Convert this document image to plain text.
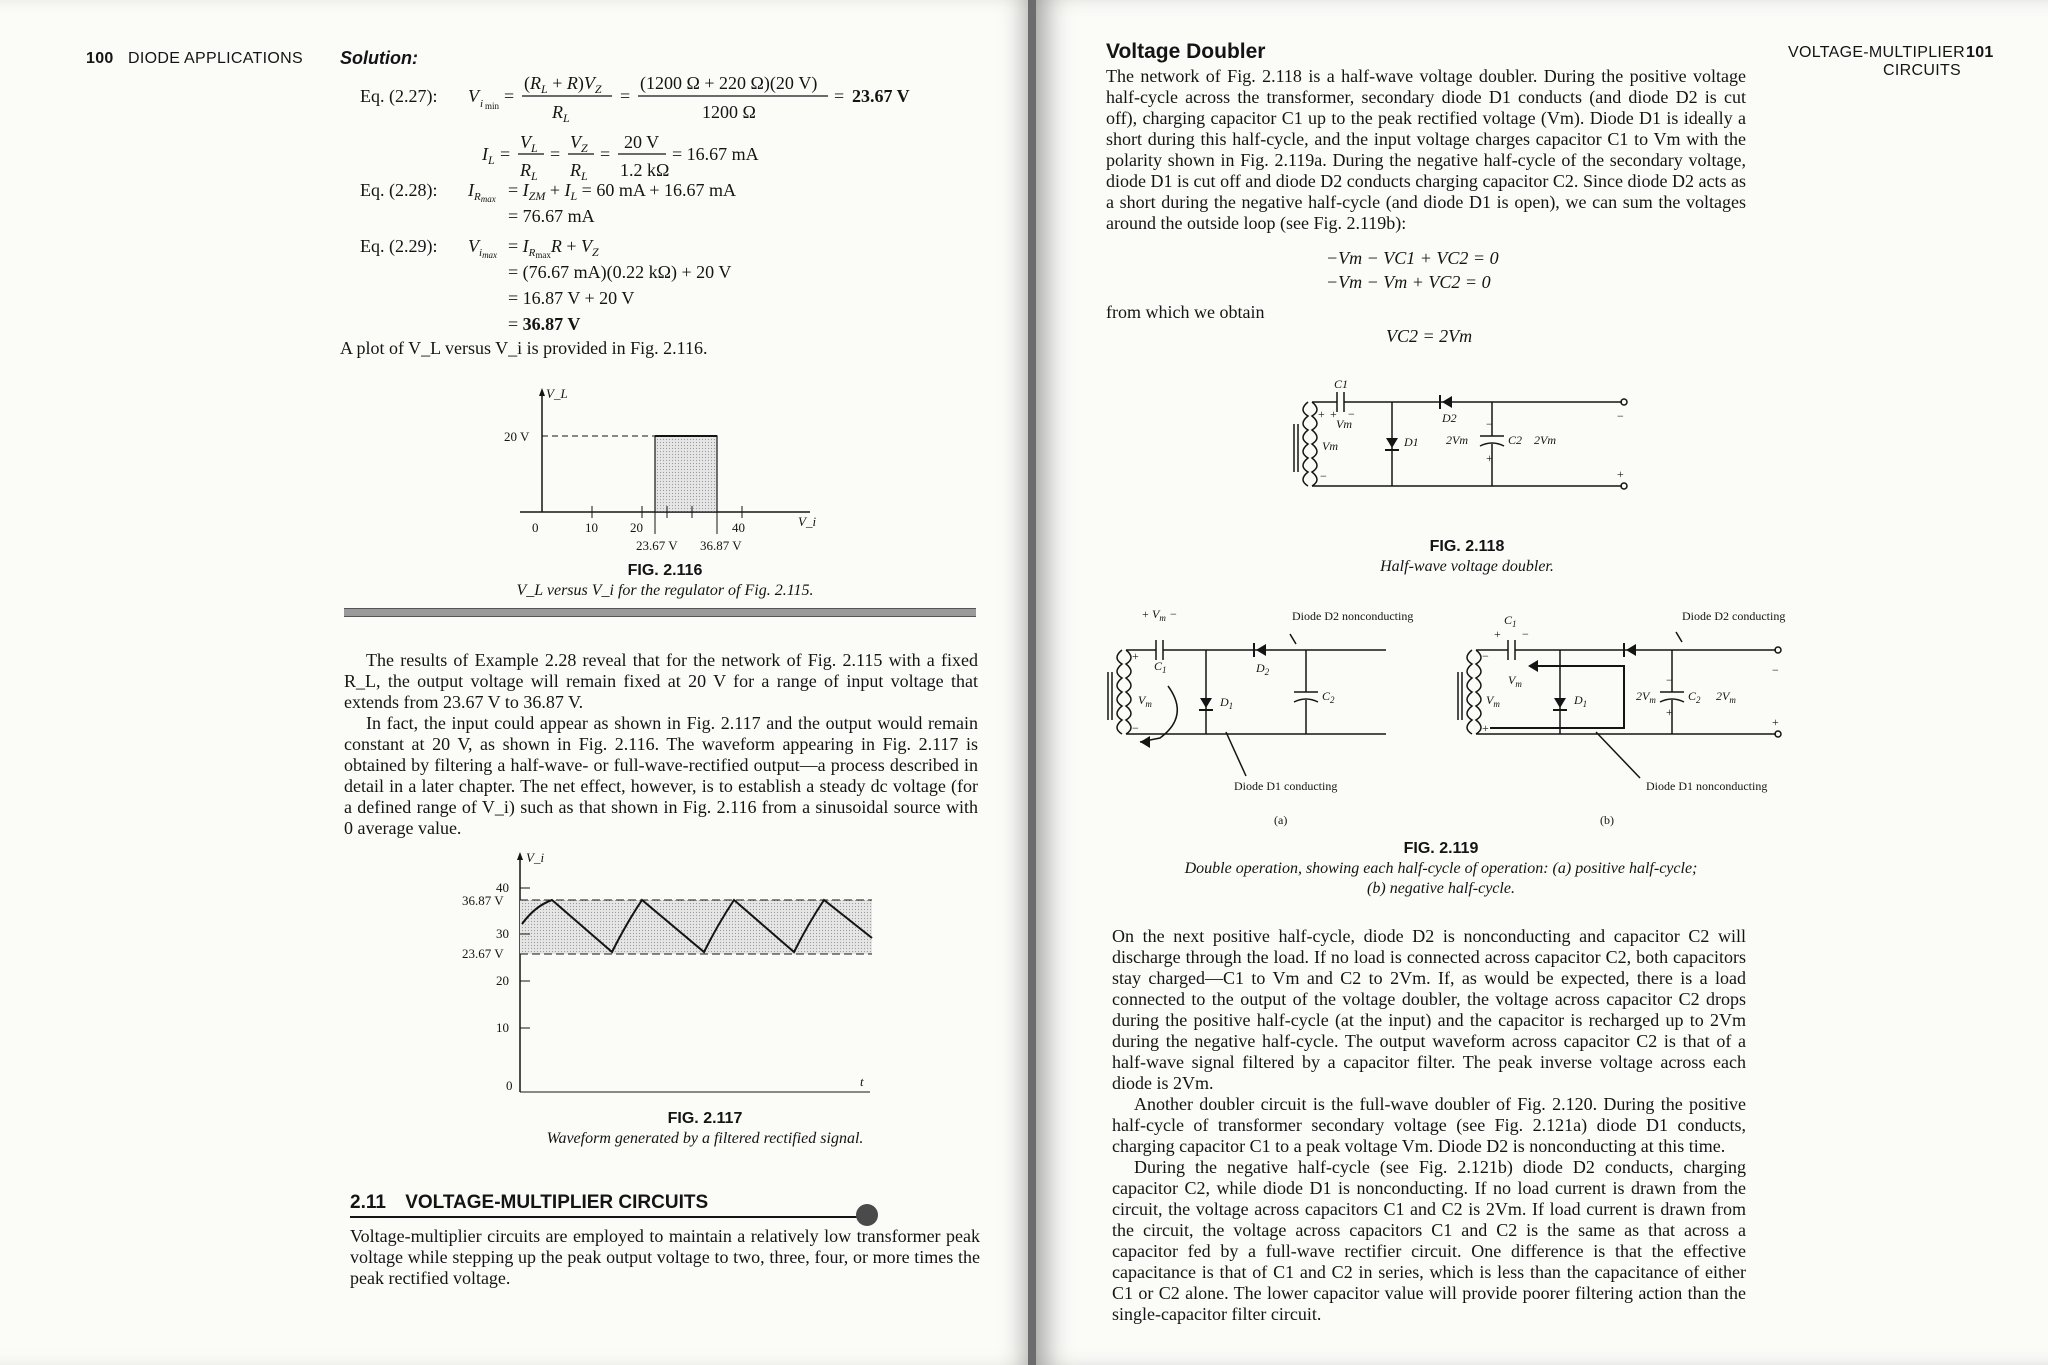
100 DIODE APPLICATIONS Solution:
Eq. (2.27): V i min =
$(R_L + R)V_Z$
$R_L$
=
(1200 Ω + 220 Ω)(20 V)
1200 Ω
= 23.67 V
$I_L$ =
$V_L$
$R_L$
=
$V_Z$
$R_L$
=
20 V
1.2 kΩ
= 16.67 mA
Eq. (2.28): $I_R\max = I_{ZM} + I_L = 60$ mA + 16.67 mA
= 76.67 mA
Eq. (2.29): $V_i\max = I_R\max R + V_Z$
= (76.67 mA)(0.22 kΩ) + 20 V
= 16.87 V + 20 V
= 36.87 V
A plot of V_L versus V_i is provided in Fig. 2.116.
V_L
20 V
0	10 20	40	V_i
23.67 V 36.87 V
FIG. 2.116
V_L versus V_i for the regulator of Fig. 2.115.

The results of Example 2.28 reveal that for the network of Fig. 2.115 with a fixed R_L, the output voltage will remain fixed at 20 V for a range of input voltage that extends from 23.67 V to 36.87 V.

In fact, the input could appear as shown in Fig. 2.117 and the output would remain constant at 20 V, as shown in Fig. 2.116. The waveform appearing in Fig. 2.117 is obtained by filtering a half-wave- or full-wave-rectified output—a process described in detail in a later chapter. The net effect, however, is to establish a steady dc voltage (for a defined range of V_i) such as that shown in Fig. 2.116 from a sinusoidal source with 0 average value.

V_i
40
36.87 V
30
23.67 V
20
10
0	t
FIG. 2.117
Waveform generated by a filtered rectified signal.
2.11 VOLTAGE-MULTIPLIER CIRCUITS

Voltage-multiplier circuits are employed to maintain a relatively low transformer peak voltage while stepping up the peak output voltage to two, three, four, or more times the peak rectified voltage.

VOLTAGE-MULTIPLIER
CIRCUITS
101
Voltage Doubler

The network of Fig. 2.118 is a half-wave voltage doubler. During the positive voltage half-cycle across the transformer, secondary diode D1 conducts (and diode D2 is cut off), charging capacitor C1 up to the peak rectified voltage (Vm). Diode D1 is ideally a short during this half-cycle, and the input voltage charges capacitor C1 to Vm with the polarity shown in Fig. 2.119a. During the negative half-cycle of the secondary voltage, diode D1 is cut off and diode D2 conducts charging capacitor C2. Since diode D2 acts as a short during the negative half-cycle (and diode D1 is open), we can sum the voltages around the outside loop (see Fig. 2.119b):

−Vm − VC1 + VC2 = 0
−Vm − Vm + VC2 = 0
from which we obtain
VC2 = 2Vm
C1
+ + −
Vm
Vm
−
D1
D2 −
+
2Vm	C2 2Vm
−
+
FIG. 2.118
Half-wave voltage doubler.
+ $V_m$ −
$C_1$
+
−
$V_m$	$D_1$
$D_2$
$C_2$
Diode D2 nonconducting
Diode D1 conducting
(a)
$C_1$
+ −
$V_m$
−
+
$V_m$	$D_1$
−
+
$2V_m$	$C_2$ $2V_m$
−
+
Diode D2 conducting
Diode D1 nonconducting
(b)
FIG. 2.119
Double operation, showing each half-cycle of operation: (a) positive half-cycle;
(b) negative half-cycle.

On the next positive half-cycle, diode D2 is nonconducting and capacitor C2 will discharge through the load. If no load is connected across capacitor C2, both capacitors stay charged—C1 to Vm and C2 to 2Vm. If, as would be expected, there is a load connected to the output of the voltage doubler, the voltage across capacitor C2 drops during the positive half-cycle (at the input) and the capacitor is recharged up to 2Vm during the negative half-cycle. The output waveform across capacitor C2 is that of a half-wave signal filtered by a capacitor filter. The peak inverse voltage across each diode is 2Vm.

Another doubler circuit is the full-wave doubler of Fig. 2.120. During the positive half-cycle of transformer secondary voltage (see Fig. 2.121a) diode D1 conducts, charging capacitor C1 to a peak voltage Vm. Diode D2 is nonconducting at this time.

During the negative half-cycle (see Fig. 2.121b) diode D2 conducts, charging capacitor C2, while diode D1 is nonconducting. If no load current is drawn from the circuit, the voltage across capacitors C1 and C2 is 2Vm. If load current is drawn from the circuit, the voltage across capacitors C1 and C2 is the same as that across a capacitor fed by a full-wave rectifier circuit. One difference is that the effective capacitance is that of C1 and C2 in series, which is less than the capacitance of either C1 or C2 alone. The lower capacitor value will provide poorer filtering action than the single-capacitor filter circuit.
